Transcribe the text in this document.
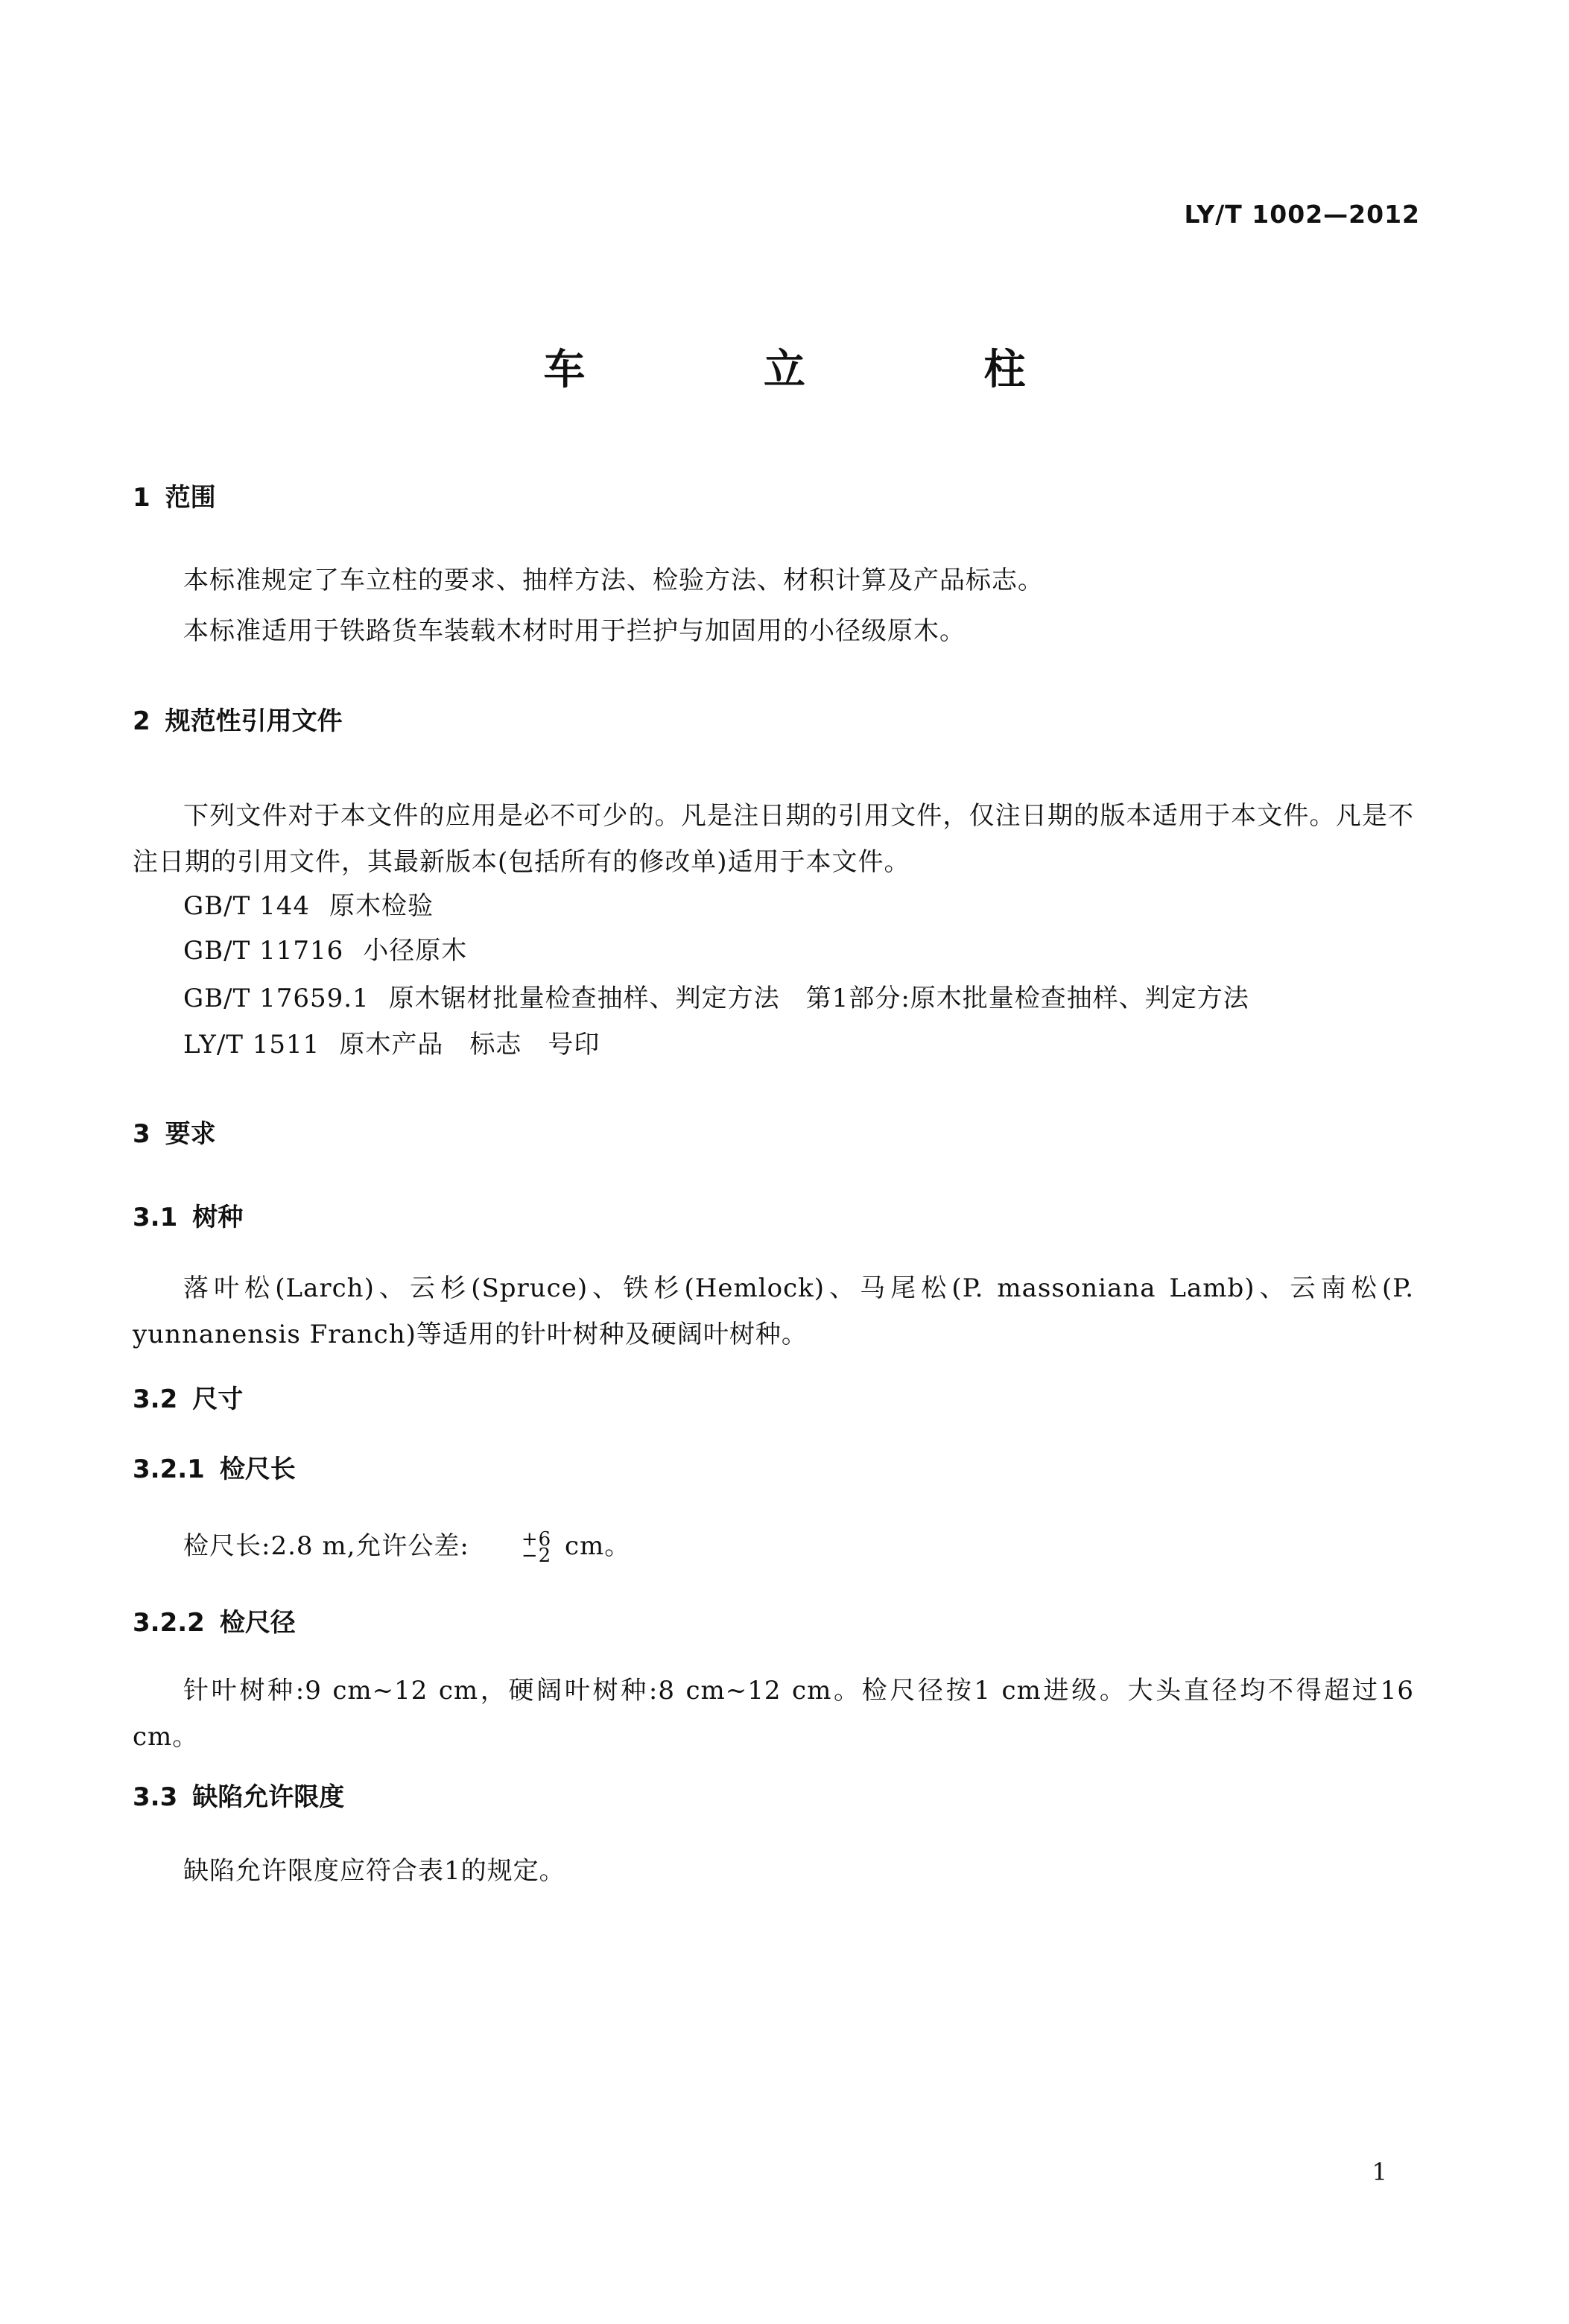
LY/T 1002—2012
车 立 柱
1 范围
本标准规定了车立柱的要求、抽样方法、检验方法、材积计算及产品标志。
本标准适用于铁路货车装载木材时用于拦护与加固用的小径级原木。
2 规范性引用文件
下列文件对于本文件的应用是必不可少的。凡是注日期的引用文件，仅注日期的版本适用于本文件。凡是不注日期的引用文件，其最新版本(包括所有的修改单)适用于本文件。
GB/T 144 原木检验
GB/T 11716 小径原木
GB/T 17659.1 原木锯材批量检查抽样、判定方法　第1部分:原木批量检查抽样、判定方法
LY/T 1511 原木产品　标志　号印
3 要求
3.1 树种
落叶松(Larch)、云杉(Spruce)、铁杉(Hemlock)、马尾松(P. massoniana Lamb)、云南松(P. yunnanensis Franch)等适用的针叶树种及硬阔叶树种。
3.2 尺寸
3.2.1 检尺长
检尺长:2.8 m,允许公差:	+6
−2 cm。
3.2.2 检尺径
针叶树种:9 cm~12 cm，硬阔叶树种:8 cm~12 cm。检尺径按1 cm进级。大头直径均不得超过16 cm。
3.3 缺陷允许限度
缺陷允许限度应符合表1的规定。
1
